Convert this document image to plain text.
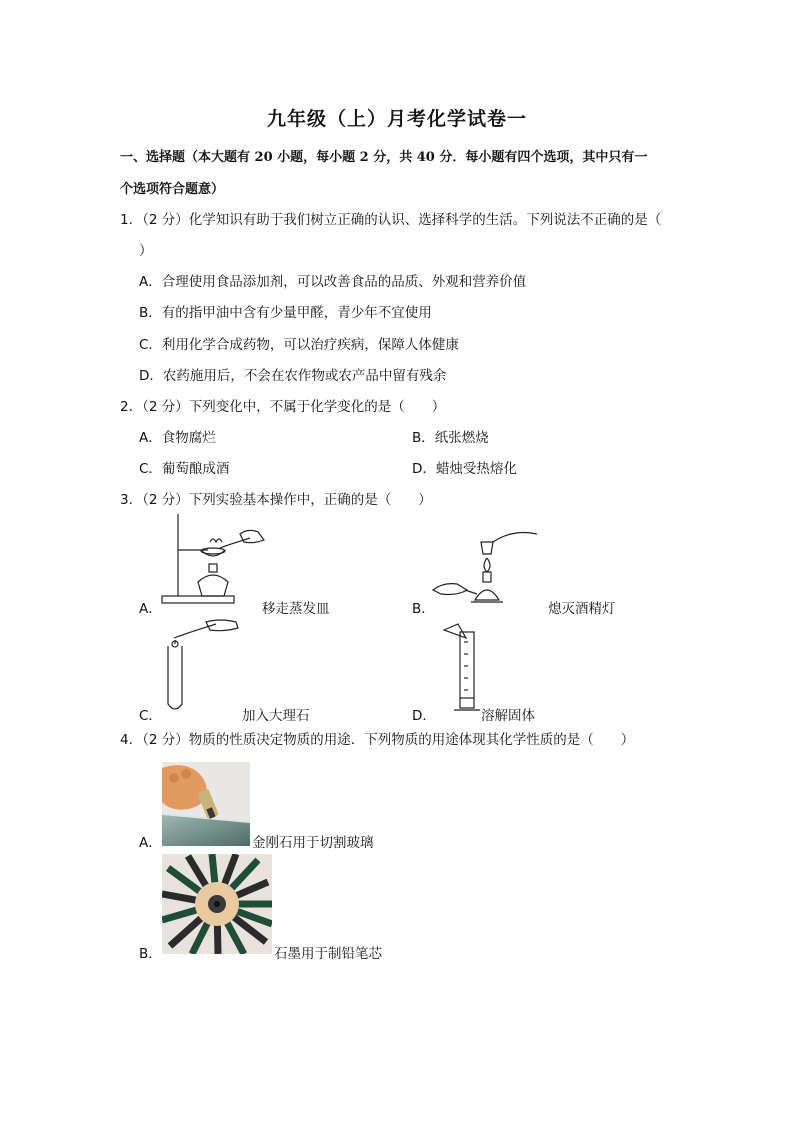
九年级（上）月考化学试卷一
一、选择题（本大题有 20 小题，每小题 2 分，共 40 分．每小题有四个选项，其中只有一
个选项符合题意）
1．（2 分）化学知识有助于我们树立正确的认识、选择科学的生活。下列说法不正确的是（
）
A．合理使用食品添加剂，可以改善食品的品质、外观和营养价值
B．有的指甲油中含有少量甲醛，青少年不宜使用
C．利用化学合成药物，可以治疗疾病，保障人体健康
D．农药施用后，不会在农作物或农产品中留有残余
2．（2 分）下列变化中，不属于化学变化的是（　　）
A．食物腐烂	B．纸张燃烧
C．葡萄酿成酒	D．蜡烛受热熔化
3．（2 分）下列实验基本操作中，正确的是（　　）
A．	移走蒸发皿	B．	熄灭酒精灯
C．	加入大理石	D．	溶解固体
4．（2 分）物质的性质决定物质的用途．下列物质的用途体现其化学性质的是（　　）
A．	金刚石用于切割玻璃
B．	石墨用于制铅笔芯
